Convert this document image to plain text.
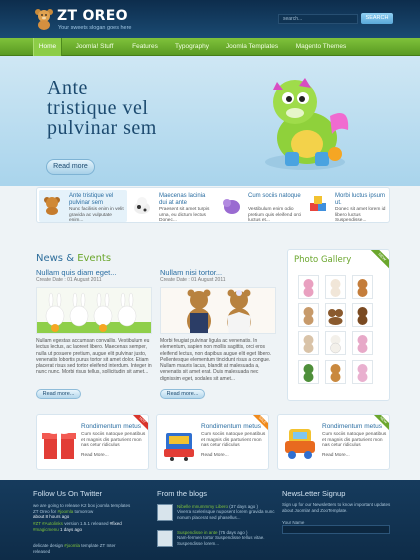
ZT OREO
Your sweets slogan goes here
search...	SEARCH
Home	Joomla! Stuff	Features	Typography	Joomla Templates	Magento Themes
Ante
tristique vel
pulvinar sem
Read more
Ante tristique vel pulvinar sem
Nunc facilisis enim in velit gravida ac vulputate enim...
Maecenas lacinia dui at ante
Praesent sit amet turpis urna, eu dictum lectus Donec...
Cum sociis natoque
Vestibulum enim odio pretium quis eleifend orci luctus et...
Morbi luctus ipsum ut.
Donec sit amet lorem id libero luctus Suspendisse...
News & Events
Nullam quis diam eget...
Create Date : 01 August 2011
Nullam egestas accumsan convallis. Vestibulum eu lectus lectus, ac laoreet libero. Maecenas semper, nulla ut posuere pretium, augue elit pulvinar justo, venenatis lobortis purus tortor sit amet dolor. Etiam placerat risus sed tortor eleifend interdum. Integer in nunc nunc. Morbi risus tellus, sollicitudin sit amet...
Read more...
Nullam nisi tortor...
Create Date : 01 August 2011
Morbi feugiat pulvinar ligula ac venenatis. In elementum, sapien non mollis sagittis, orci eros eleifend lectus, non dapibus augue elit eget libero. Pellentesque elementum tincidunt risus a congue. Nullam mauris lacus, blandit at malesuada a, venenatis sit amet erat. Duis malesuada nec dignissim eget, sodales sit amet...
Read more...
Photo Gallery	NEW
Rondimentum metus
Cum sociis natoque penatibus et magnis dis parturient mon nas cetur ridiculus
Read More...
HOT
Rondimentum metus
Cum sociis natoque penatibus et magnis dis parturient mon nas cetur ridiculus
Read More...
SALE
Rondimentum metus
Cum sociis natoque penatibus et magnis dis parturient mon nas cetur ridiculus
Read More...
NEW
Follow Us On Twitter
we are going to release K2 box joomla templates ZT Oreo for #joomla tomorrow
about 8 hours ago
#ZT #Autolinks version 1.5.1 released #fixed
#magicmenu 1 days ago
delicate design #joomla template ZT Inter released
From the blogs
Nibelle mnummmy Libero (37 days ago )
Viverra scelerisque nuposent lorem gravida nunc nonum placerat sed phasellus...
Suspendisse in ante (75 days ago )
Nam-fermen tortor Suspendisse tellus vitae. Suspendisse lorem...
NewsLetter Signup
Sign up for our Newsletters to know important updates about Joomla! and ZooTemplate.
Your Name
